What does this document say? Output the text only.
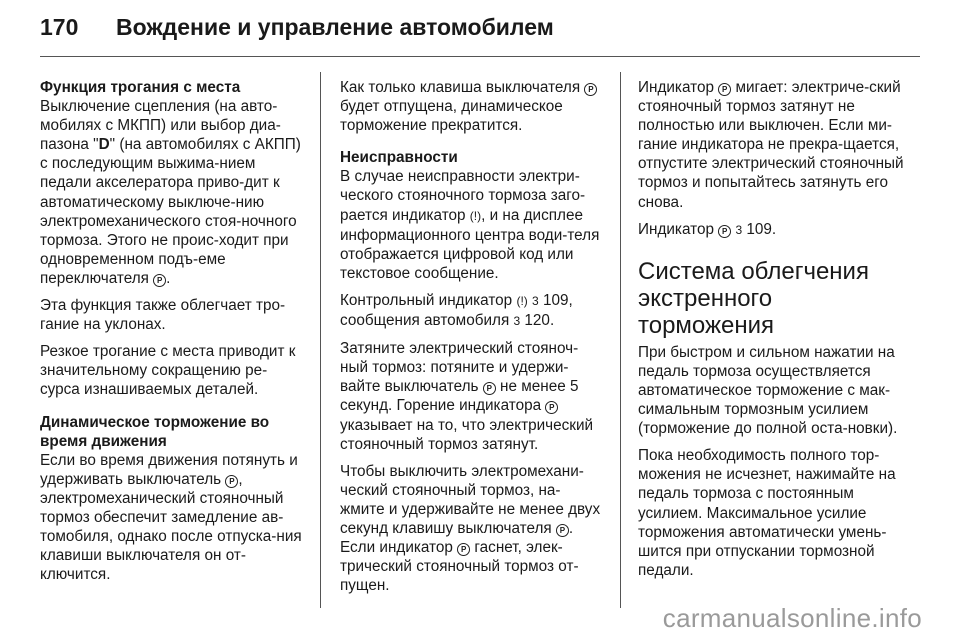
170	Вождение и управление автомобилем
Функция трогания с места

Выключение сцепления (на авто-мобилях с МКПП) или выбор диа-пазона "D" (на автомобилях с АКПП) с последующим выжима-нием педали акселератора приво-дит к автоматическому выключе-нию электромеханического стоя-ночного тормоза. Этого не проис-ходит при одновременном подъ-еме переключателя P .

Эта функция также облегчает тро-гание на уклонах.

Резкое трогание с места приводит к значительному сокращению ре-сурса изнашиваемых деталей.

Динамическое торможение во время движения

Если во время движения потянуть и удерживать выключатель P , электромеханический стояночный тормоз обеспечит замедление ав-томобиля, однако после отпуска-ния клавиши выключателя он от-ключится.

Как только клавиша выключателя P будет отпущена, динамическое торможение прекратится.

Неисправности

В случае неисправности электри-ческого стояночного тормоза заго-рается индикатор (!), и на дисплее информационного центра води-теля отображается цифровой код или текстовое сообщение.

Контрольный индикатор (!) 3 109, сообщения автомобиля 3 120.

Затяните электрический стояноч-ный тормоз: потяните и удержи-вайте выключатель P не менее 5 секунд. Горение индикатора P указывает на то, что электрический стояночный тормоз затянут.

Чтобы выключить электромехани-ческий стояночный тормоз, на-жмите и удерживайте не менее двух секунд клавишу выключателя P . Если индикатор P гаснет, элек-трический стояночный тормоз от-пущен.

Индикатор P мигает: электриче-ский стояночный тормоз затянут не полностью или выключен. Если ми-гание индикатора не прекра-щается, отпустите электрический стояночный тормоз и попытайтесь затянуть его снова.

Индикатор P 3 109.

Система облегчения экстренного торможения

При быстром и сильном нажатии на педаль тормоза осуществляется автоматическое торможение с мак-симальным тормозным усилием (торможение до полной оста-новки).

Пока необходимость полного тор-можения не исчезнет, нажимайте на педаль тормоза с постоянным усилием. Максимальное усилие торможения автоматически умень-шится при отпускании тормозной педали.

carmanualsonline.info
